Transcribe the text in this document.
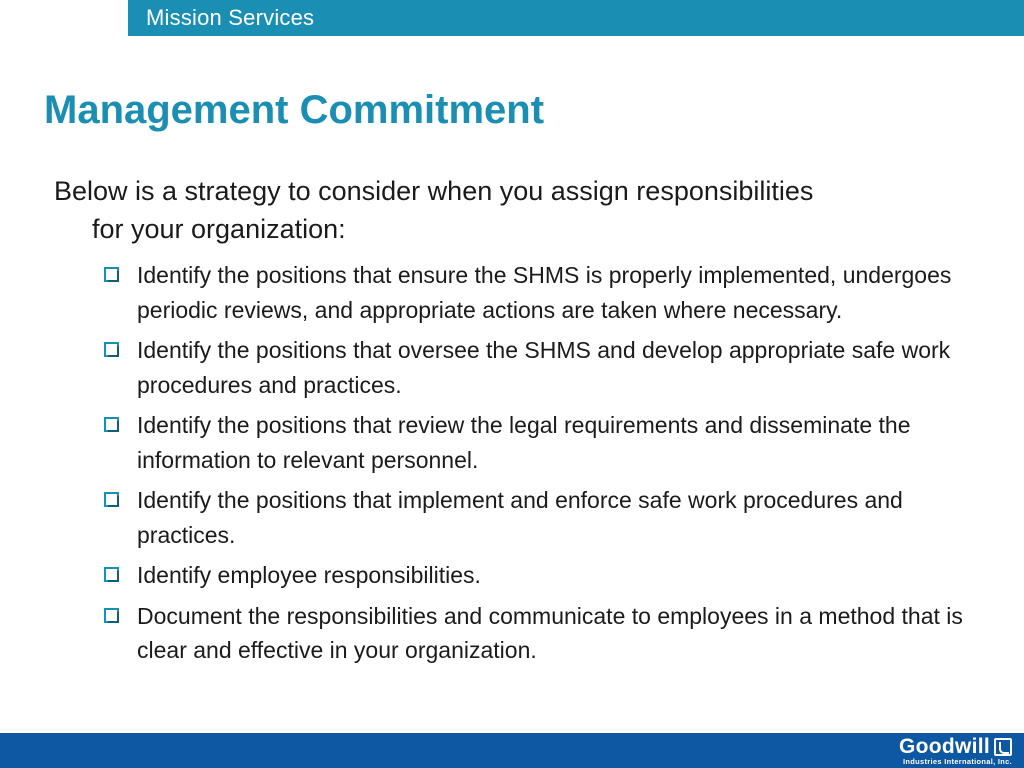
Mission Services
Management Commitment

Below is a strategy to consider when you assign responsibilities for your organization:

Identify the positions that ensure the SHMS is properly implemented, undergoes periodic reviews, and appropriate actions are taken where necessary.
Identify the positions that oversee the SHMS and develop appropriate safe work procedures and practices.
Identify the positions that review the legal requirements and disseminate the information to relevant personnel.
Identify the positions that implement and enforce safe work procedures and practices.
Identify employee responsibilities.
Document the responsibilities and communicate to employees in a method that is clear and effective in your organization.
Goodwill
Industries International, Inc.
